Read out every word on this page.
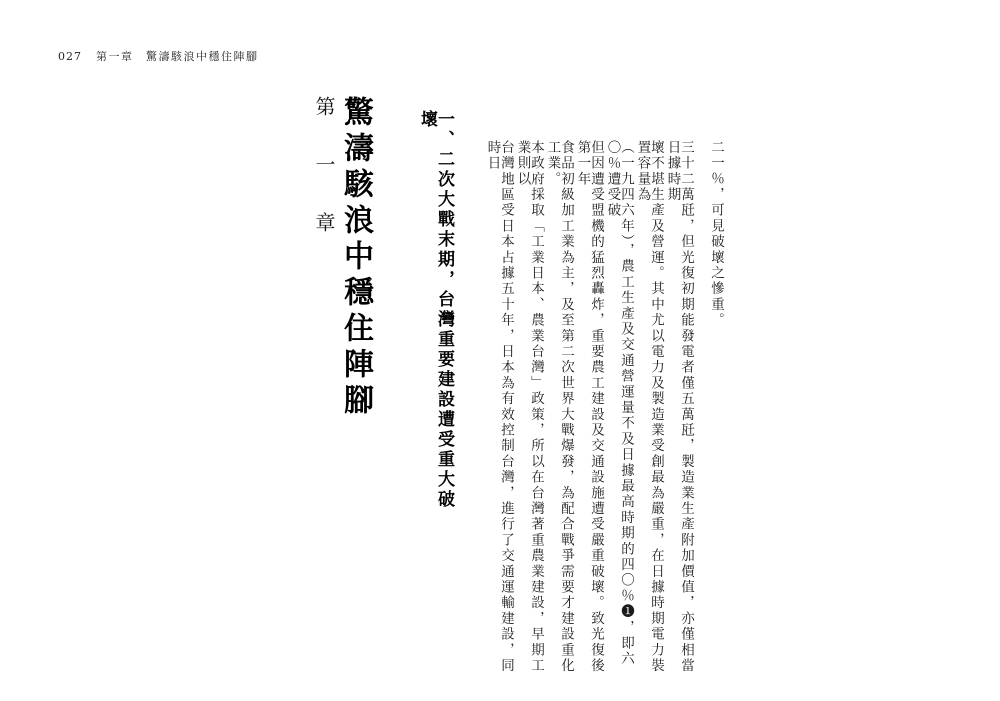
027 第一章　驚濤駭浪中穩住陣腳
第 一 章 驚濤駭浪中穩住陣腳	一、二次大戰末期，台灣重要建設遭受重大破壞
台灣地區受日本占據五十年，日本為有效控制台灣，進行了交通運輸建設，同時日	本政府採取「工業日本、農業台灣」政策，所以在台灣著重農業建設，早期工業則以	食品初級加工業為主，及至第二次世界大戰爆發，為配合戰爭需要才建設重化工業。	但因遭受盟機的猛烈轟炸，重要農工建設及交通設施遭受嚴重破壞。致光復後第一年	（一九四六年），農工生產及交通營運量不及日據最高時期的四〇％❶，即六〇％遭受破	壞不堪生產及營運。其中尤以電力及製造業受創最為嚴重，在日據時期電力裝置容量為	三十二萬瓩，但光復初期能發電者僅五萬瓩，製造業生產附加價值，亦僅相當日據時期	二一％，可見破壞之慘重。
